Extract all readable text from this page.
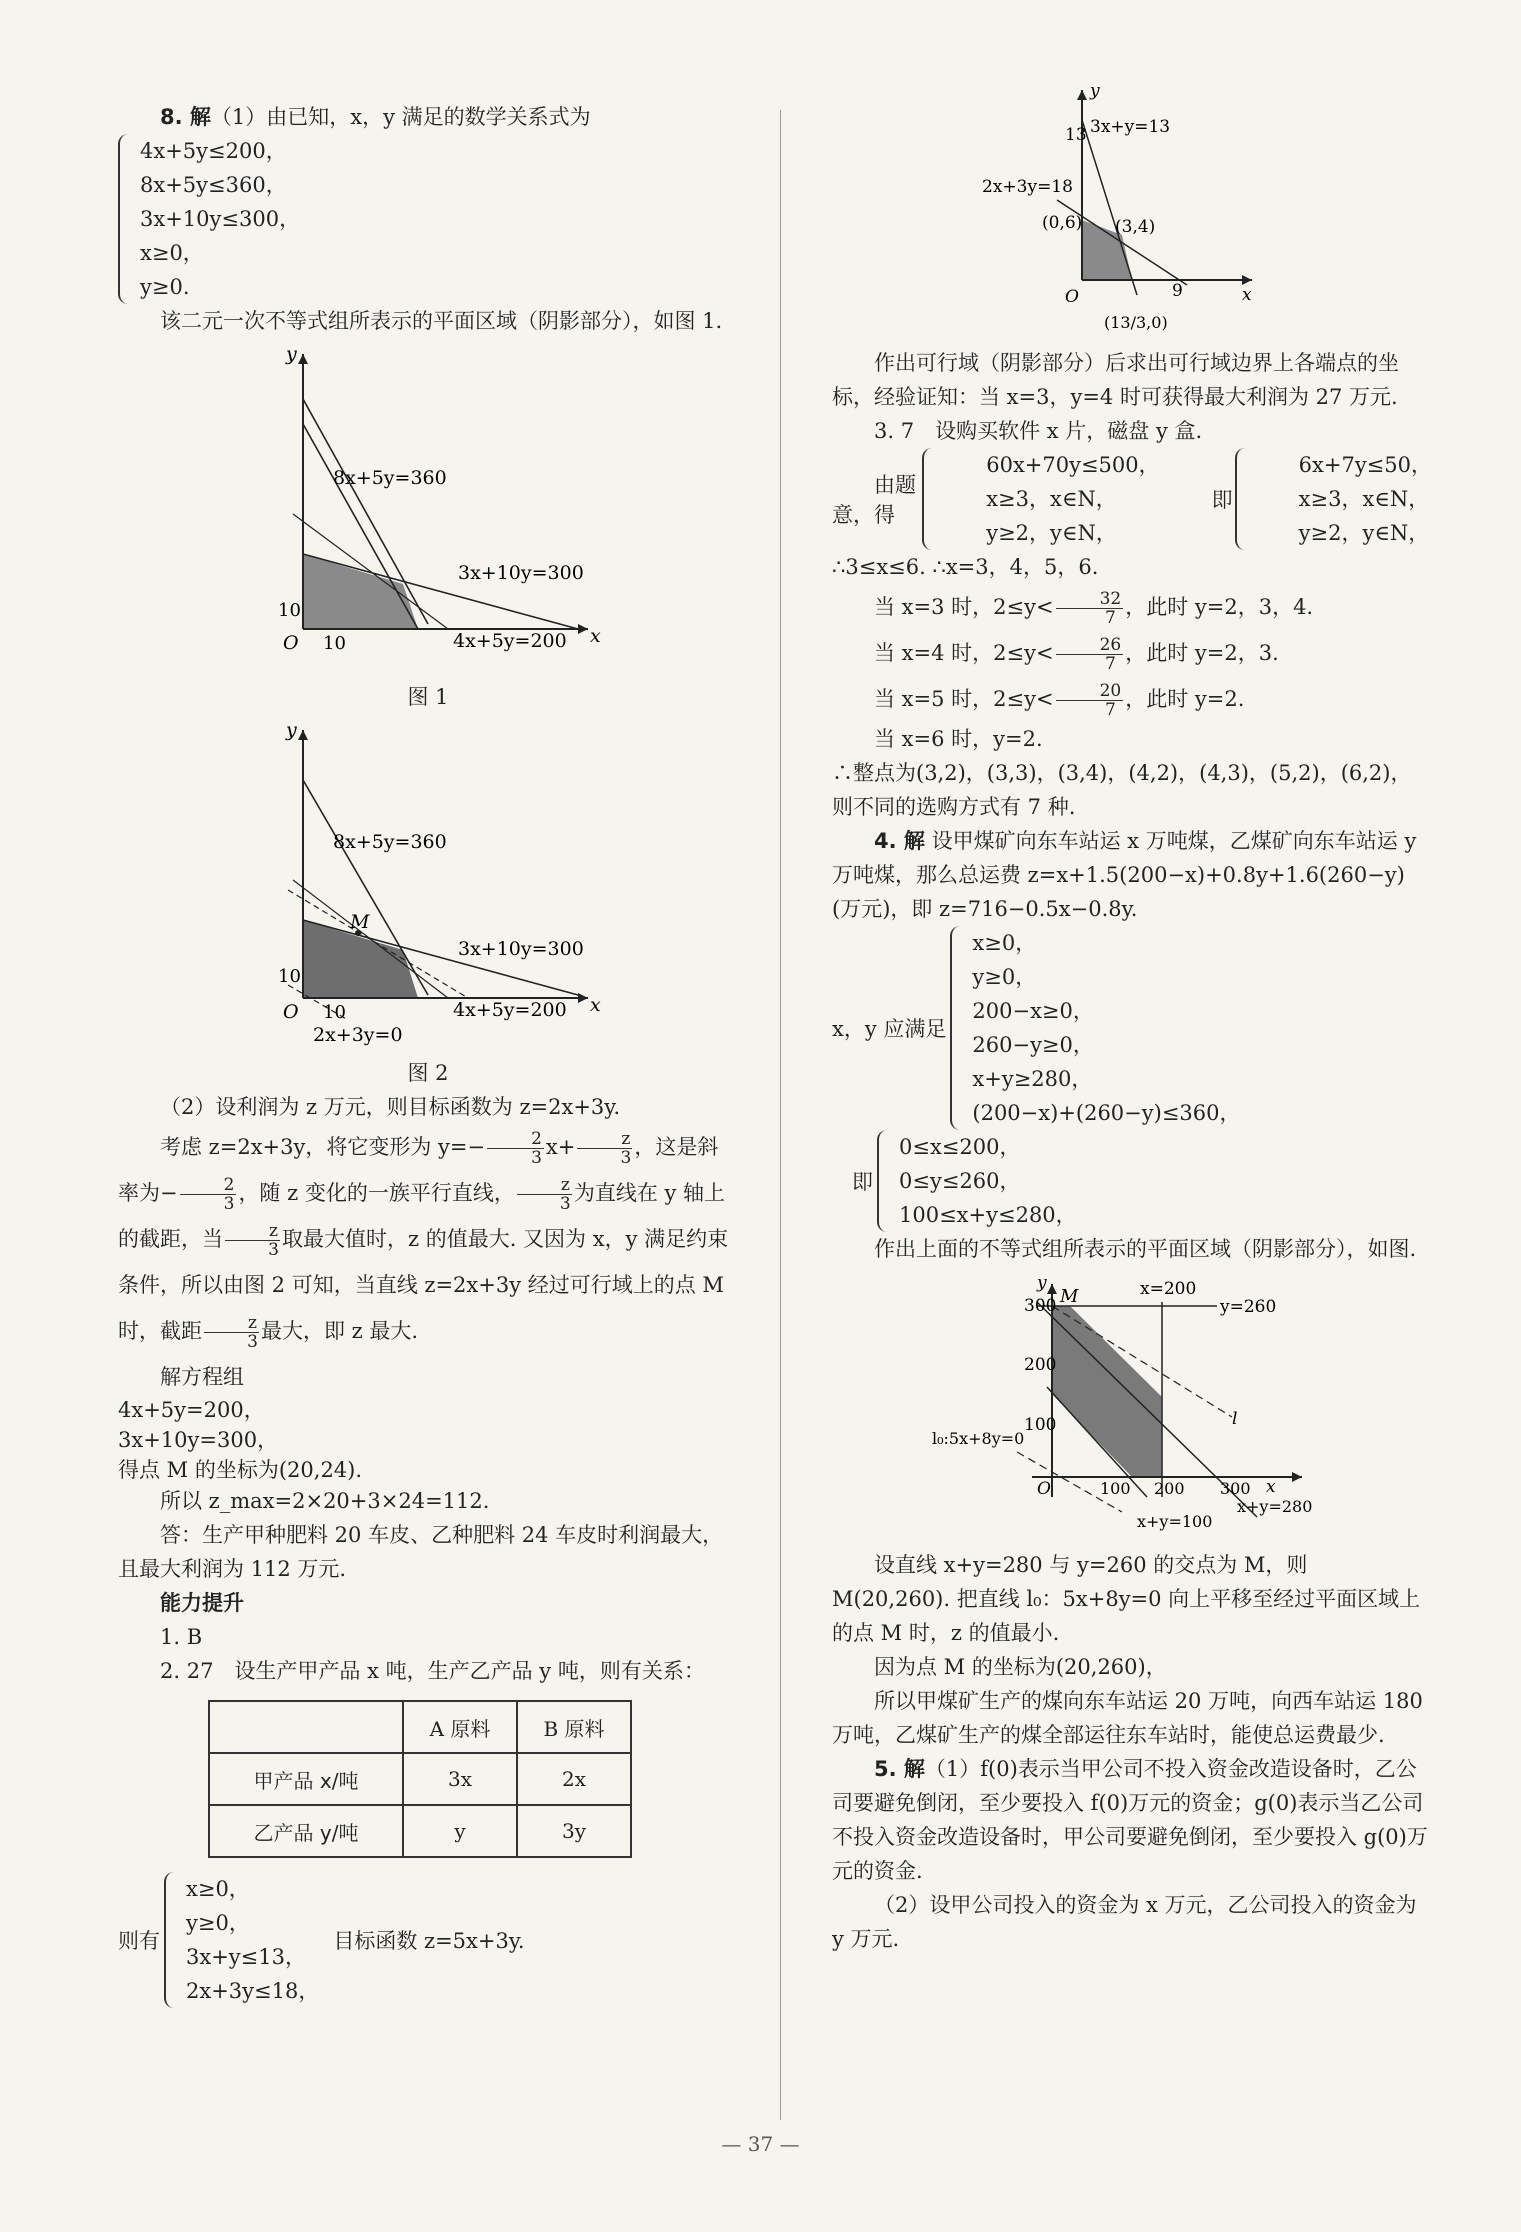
8. 解（1）由已知，x，y 满足的数学关系式为

4x+5y≤200，
8x+5y≤360，
3x+10y≤300，
x≥0，
y≥0.

该二元一次不等式组所表示的平面区域（阴影部分），如图 1.

8x+5y=360
3x+10y=300
4x+5y=200 x
y
O 10
10

图 1

M
8x+5y=360
3x+10y=300
4x+5y=200
2x+3y=0
x
y
O 10
10

图 2

（2）设利润为 z 万元，则目标函数为 z=2x+3y.

考虑 z=2x+3y，将它变形为 $y=- \frac{2}{3} x+ \frac{z}{3}$ ，这是斜率为− $\frac{2}{3}$ ，随 z 变化的一族平行直线， $\frac{z}{3}$ 为直线在 y 轴上的截距，当 $\frac{z}{3}$ 取最大值时，z 的值最大. 又因为 x，y 满足约束条件，所以由图 2 可知，当直线 z=2x+3y 经过可行域上的点 M 时，截距 $\frac{z}{3}$ 最大，即 z 最大.

解方程组

4x+5y=200，
3x+10y=300，
得点 M 的坐标为(20,24).

所以 z_max=2×20+3×24=112.

答：生产甲种肥料 20 车皮、乙种肥料 24 车皮时利润最大，且最大利润为 112 万元.

能力提升

1. B

2. 27　设生产甲产品 x 吨，生产乙产品 y 吨，则有关系：

	A 原料	B 原料
甲产品 x/吨	3x	2x
乙产品 y/吨	y	3y
则有
x≥0，
y≥0，
3x+y≤13，
2x+3y≤18，
目标函数 z=5x+3y.
13 3x+y=13
2x+3y=18
(0,6) (3,4)
O	9	x
y
(13/3,0)

作出可行域（阴影部分）后求出可行域边界上各端点的坐标，经验证知：当 x=3，y=4 时可获得最大利润为 27 万元.

3. 7　设购买软件 x 片，磁盘 y 盒.

由题意，得
60x+70y≤500，
x≥3，x∈N，
y≥2，y∈N，
即
6x+7y≤50，
x≥3，x∈N，
y≥2，y∈N，

∴3≤x≤6. ∴x=3，4，5，6.

当 x=3 时，$2\le y< \frac{32}{7}$ ，此时 y=2，3，4.

当 x=4 时，$2\le y< \frac{26}{7}$ ，此时 y=2，3.

当 x=5 时，$2\le y< \frac{20}{7}$ ，此时 y=2.

当 x=6 时，y=2.

∴整点为(3,2)，(3,3)，(3,4)，(4,2)，(4,3)，(5,2)，(6,2)，则不同的选购方式有 7 种.

4. 解 设甲煤矿向东车站运 x 万吨煤，乙煤矿向东车站运 y 万吨煤，那么总运费 z=x+1.5(200−x)+0.8y+1.6(260−y)(万元)，即 z=716−0.5x−0.8y.

x，y 应满足
x≥0，
y≥0，
200−x≥0，
260−y≥0，
x+y≥280，
(200−x)+(260−y)≤360，
即
0≤x≤200，
0≤y≤260，
100≤x+y≤280，

作出上面的不等式组所表示的平面区域（阴影部分），如图.

300
200
100
M	x=200
y=260
l
l₀:5x+8y=0
O	100 200 300 x
y
x+y=100
x+y=280

设直线 x+y=280 与 y=260 的交点为 M，则 M(20,260). 把直线 l₀：5x+8y=0 向上平移至经过平面区域上的点 M 时，z 的值最小.

因为点 M 的坐标为(20,260)，

所以甲煤矿生产的煤向东车站运 20 万吨，向西车站运 180 万吨，乙煤矿生产的煤全部运往东车站时，能使总运费最少.

5. 解（1）f(0)表示当甲公司不投入资金改造设备时，乙公司要避免倒闭，至少要投入 f(0)万元的资金；g(0)表示当乙公司不投入资金改造设备时，甲公司要避免倒闭，至少要投入 g(0)万元的资金.

（2）设甲公司投入的资金为 x 万元，乙公司投入的资金为 y 万元.

— 37 —
